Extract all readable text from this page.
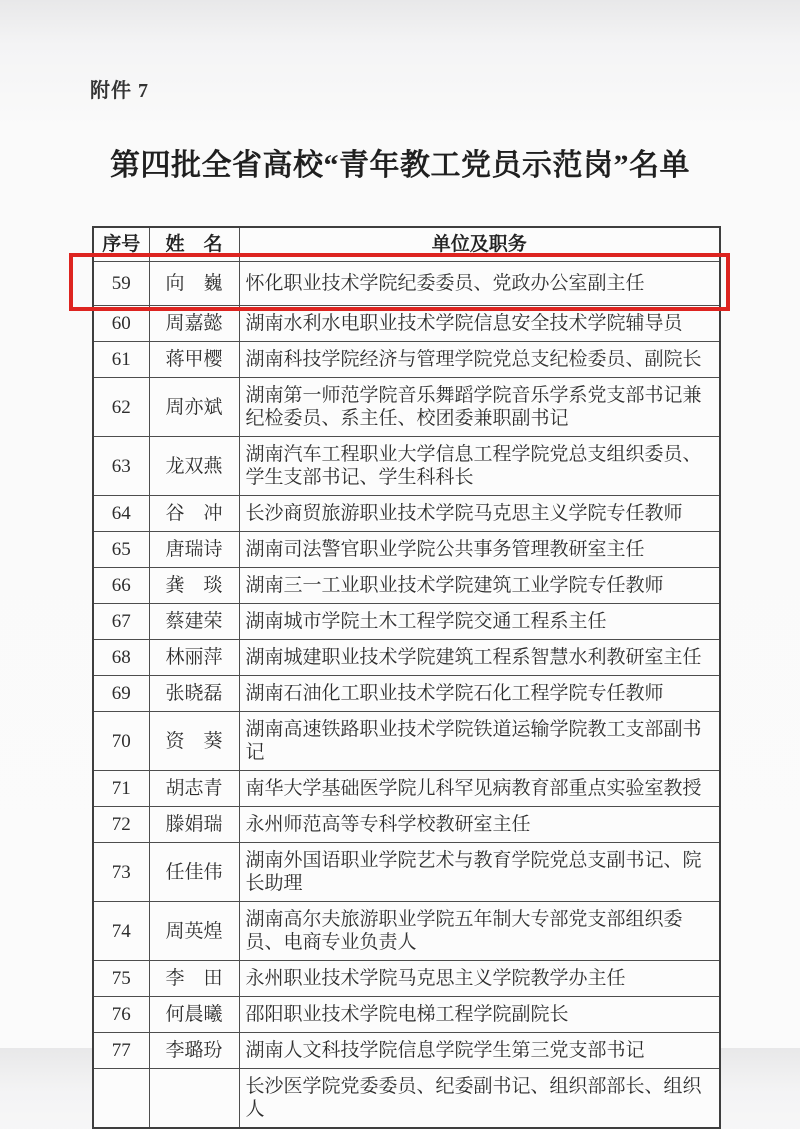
附件 7
第四批全省高校“青年教工党员示范岗”名单
序号	姓　名	单位及职务
59	向　巍	怀化职业技术学院纪委委员、党政办公室副主任
60	周嘉懿	湖南水利水电职业技术学院信息安全技术学院辅导员
61	蒋甲樱	湖南科技学院经济与管理学院党总支纪检委员、副院长
62	周亦斌	湖南第一师范学院音乐舞蹈学院音乐学系党支部书记兼纪检委员、系主任、校团委兼职副书记
63	龙双燕	湖南汽车工程职业大学信息工程学院党总支组织委员、学生支部书记、学生科科长
64	谷　冲	长沙商贸旅游职业技术学院马克思主义学院专任教师
65	唐瑞诗	湖南司法警官职业学院公共事务管理教研室主任
66	龚　琰	湖南三一工业职业技术学院建筑工业学院专任教师
67	蔡建荣	湖南城市学院土木工程学院交通工程系主任
68	林丽萍	湖南城建职业技术学院建筑工程系智慧水利教研室主任
69	张晓磊	湖南石油化工职业技术学院石化工程学院专任教师
70	资　葵	湖南高速铁路职业技术学院铁道运输学院教工支部副书记
71	胡志青	南华大学基础医学院儿科罕见病教育部重点实验室教授
72	滕娟瑞	永州师范高等专科学校教研室主任
73	任佳伟	湖南外国语职业学院艺术与教育学院党总支副书记、院长助理
74	周英煌	湖南高尔夫旅游职业学院五年制大专部党支部组织委员、电商专业负责人
75	李　田	永州职业技术学院马克思主义学院教学办主任
76	何晨曦	邵阳职业技术学院电梯工程学院副院长
77	李璐玢	湖南人文科技学院信息学院学生第三党支部书记
		长沙医学院党委委员、纪委副书记、组织部部长、组织人
